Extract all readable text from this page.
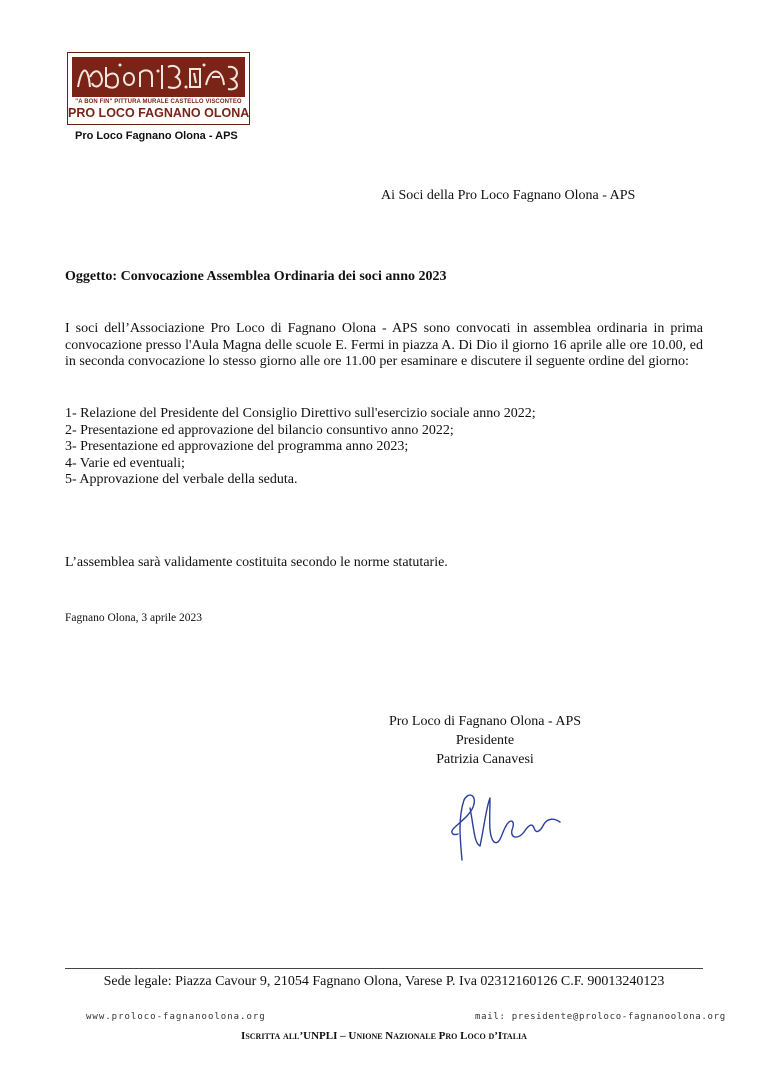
"A BON FIN" PITTURA MURALE CASTELLO VISCONTEO
PRO LOCO FAGNANO OLONA
Pro Loco Fagnano Olona - APS
Ai Soci della Pro Loco Fagnano Olona - APS
Oggetto: Convocazione Assemblea Ordinaria dei soci anno 2023
I soci dell’Associazione Pro Loco di Fagnano Olona - APS sono convocati in assemblea ordinaria in prima convocazione presso l'Aula Magna delle scuole E. Fermi in piazza A. Di Dio il giorno 16 aprile alle ore 10.00, ed in seconda convocazione lo stesso giorno alle ore 11.00 per esaminare e discutere il seguente ordine del giorno:
1- Relazione del Presidente del Consiglio Direttivo sull'esercizio sociale anno 2022;
2- Presentazione ed approvazione del bilancio consuntivo anno 2022;
3- Presentazione ed approvazione del programma anno 2023;
4- Varie ed eventuali;
5- Approvazione del verbale della seduta.
L’assemblea sarà validamente costituita secondo le norme statutarie.
Fagnano Olona, 3 aprile 2023
Pro Loco di Fagnano Olona - APS
Presidente
Patrizia Canavesi
Sede legale: Piazza Cavour 9, 21054 Fagnano Olona, Varese P. Iva 02312160126 C.F. 90013240123
www.proloco-fagnanoolona.org	mail: presidente@proloco-fagnanoolona.org
Iscritta all’UNPLI – Unione Nazionale Pro Loco d’Italia
